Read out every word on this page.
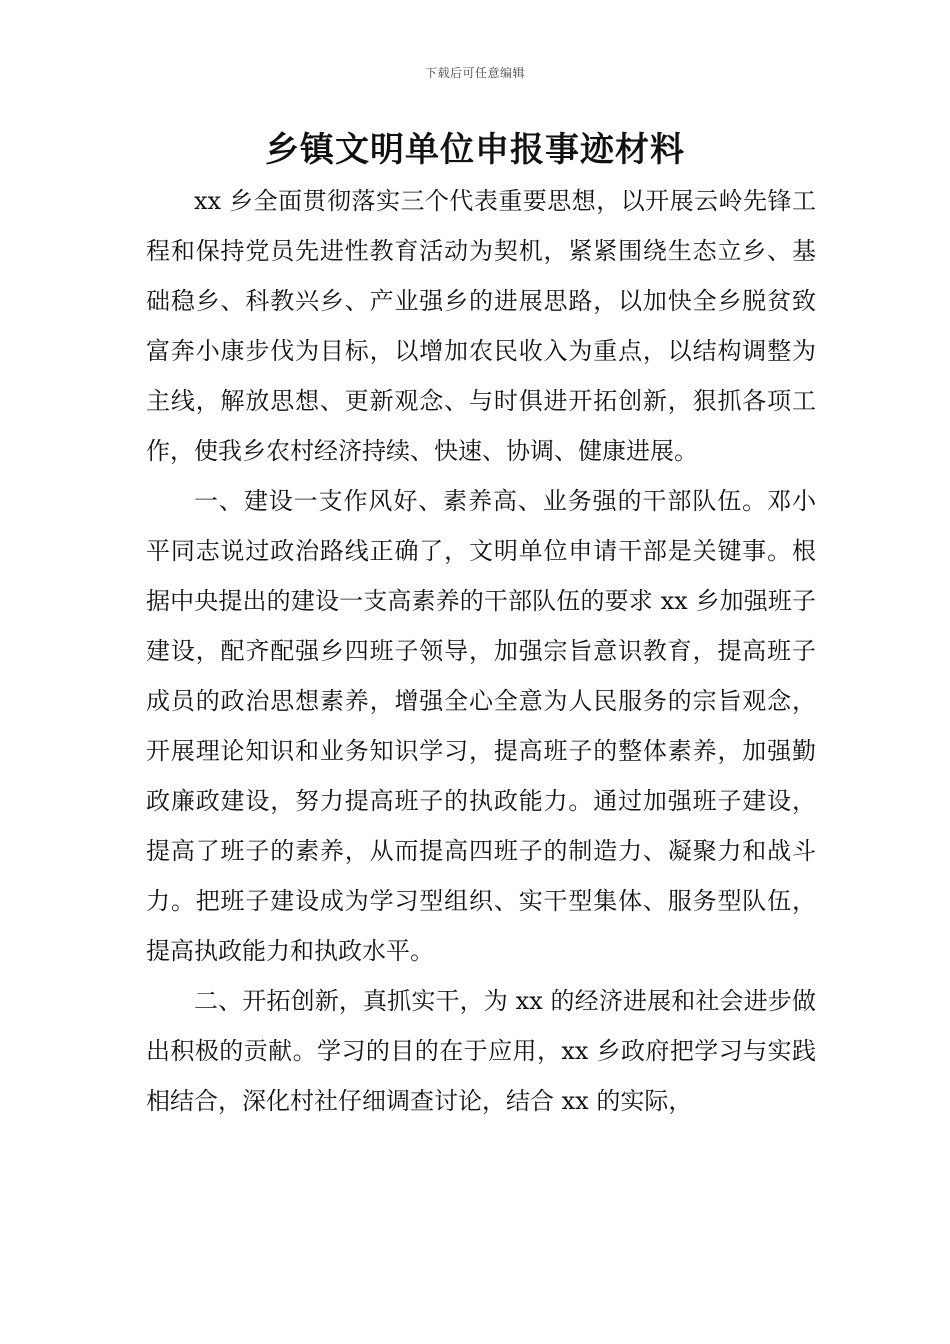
下载后可任意编辑
乡镇文明单位申报事迹材料

xx 乡全面贯彻落实三个代表重要思想，以开展云岭先锋工程和保持党员先进性教育活动为契机，紧紧围绕生态立乡、基础稳乡、科教兴乡、产业强乡的进展思路，以加快全乡脱贫致富奔小康步伐为目标，以增加农民收入为重点，以结构调整为主线，解放思想、更新观念、与时俱进开拓创新，狠抓各项工作，使我乡农村经济持续、快速、协调、健康进展。

一、建设一支作风好、素养高、业务强的干部队伍。邓小平同志说过政治路线正确了，文明单位申请干部是关键事。根据中央提出的建设一支高素养的干部队伍的要求 xx 乡加强班子建设，配齐配强乡四班子领导，加强宗旨意识教育，提高班子成员的政治思想素养，增强全心全意为人民服务的宗旨观念，开展理论知识和业务知识学习，提高班子的整体素养，加强勤政廉政建设，努力提高班子的执政能力。通过加强班子建设，提高了班子的素养，从而提高四班子的制造力、凝聚力和战斗力。把班子建设成为学习型组织、实干型集体、服务型队伍，提高执政能力和执政水平。

二、开拓创新，真抓实干，为 xx 的经济进展和社会进步做出积极的贡献。学习的目的在于应用，xx 乡政府把学习与实践相结合，深化村社仔细调查讨论，结合 xx 的实际，
